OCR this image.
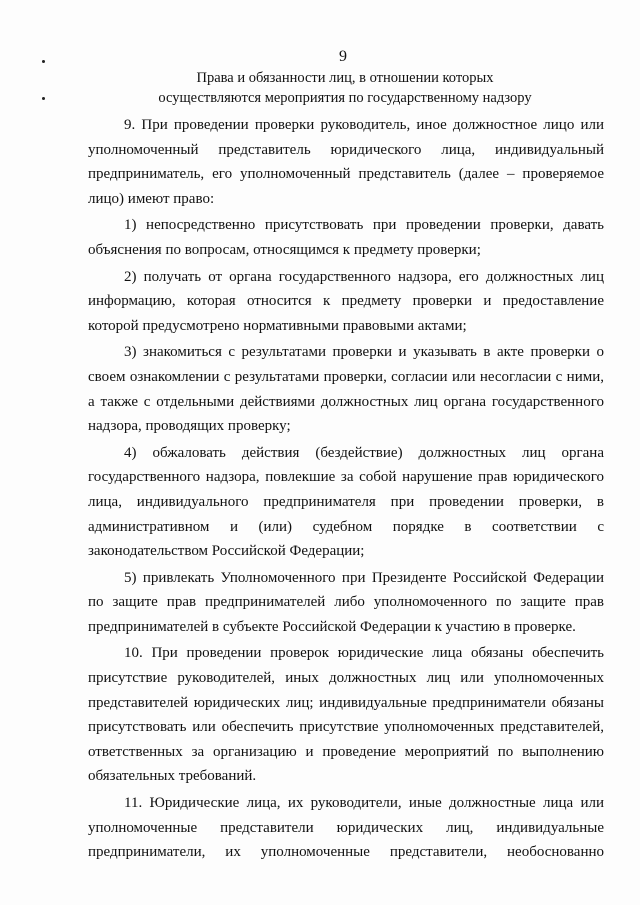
9
Права и обязанности лиц, в отношении которых
осуществляются мероприятия по государственному надзору

9. При проведении проверки руководитель, иное должностное лицо или уполномоченный представитель юридического лица, индивидуальный предприниматель, его уполномоченный представитель (далее – проверяемое лицо) имеют право:

1) непосредственно присутствовать при проведении проверки, давать объяснения по вопросам, относящимся к предмету проверки;

2) получать от органа государственного надзора, его должностных лиц информацию, которая относится к предмету проверки и предоставление которой предусмотрено нормативными правовыми актами;

3) знакомиться с результатами проверки и указывать в акте проверки о своем ознакомлении с результатами проверки, согласии или несогласии с ними, а также с отдельными действиями должностных лиц органа государственного надзора, проводящих проверку;

4) обжаловать действия (бездействие) должностных лиц органа государственного надзора, повлекшие за собой нарушение прав юридического лица, индивидуального предпринимателя при проведении проверки, в административном и (или) судебном порядке в соответствии с законодательством Российской Федерации;

5) привлекать Уполномоченного при Президенте Российской Федерации по защите прав предпринимателей либо уполномоченного по защите прав предпринимателей в субъекте Российской Федерации к участию в проверке.

10. При проведении проверок юридические лица обязаны обеспечить присутствие руководителей, иных должностных лиц или уполномоченных представителей юридических лиц; индивидуальные предприниматели обязаны присутствовать или обеспечить присутствие уполномоченных представителей, ответственных за организацию и проведение мероприятий по выполнению обязательных требований.

11. Юридические лица, их руководители, иные должностные лица или уполномоченные представители юридических лиц, индивидуальные предприниматели, их уполномоченные представители, необоснованно
